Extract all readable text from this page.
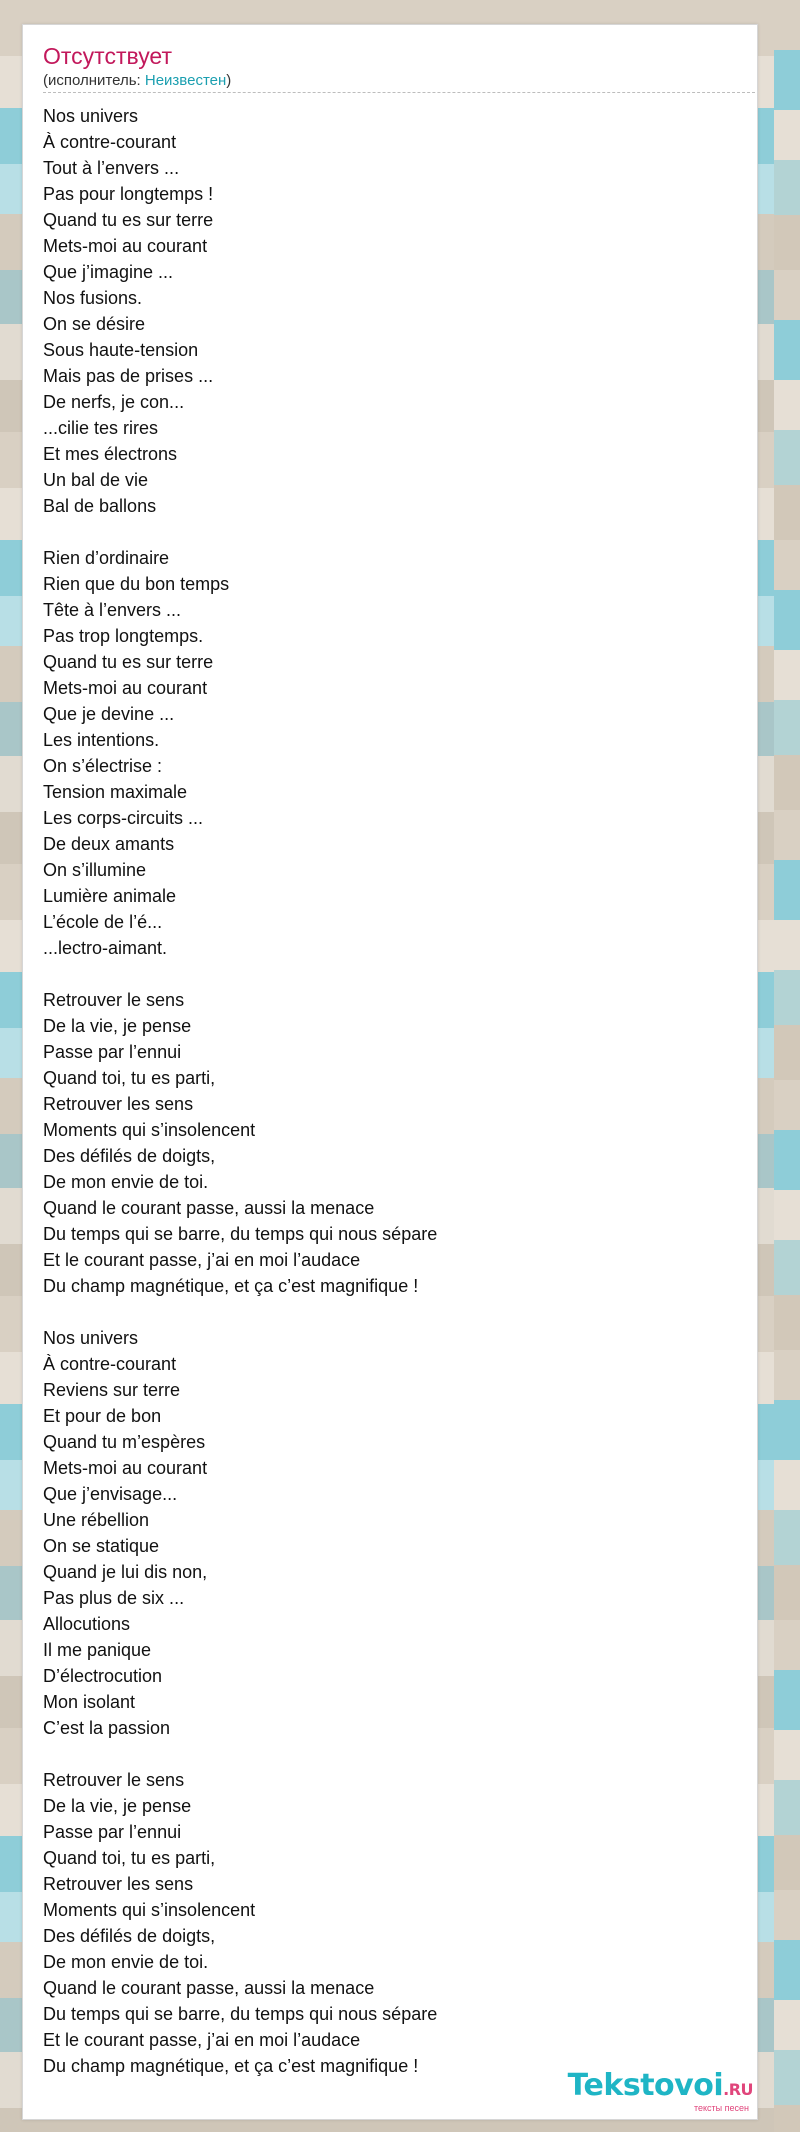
Отсутствует
(исполнитель: Неизвестен)
Nos univers
À contre-courant
Tout à l’envers ...
Pas pour longtemps !
Quand tu es sur terre
Mets-moi au courant
Que j’imagine ...
Nos fusions.
On se désire
Sous haute-tension
Mais pas de prises ...
De nerfs, je con...
...cilie tes rires
Et mes électrons
Un bal de vie
Bal de ballons
Rien d’ordinaire
Rien que du bon temps
Tête à l’envers ...
Pas trop longtemps.
Quand tu es sur terre
Mets-moi au courant
Que je devine ...
Les intentions.
On s’électrise :
Tension maximale
Les corps-circuits ...
De deux amants
On s’illumine
Lumière animale
L’école de l’é...
...lectro-aimant.
Retrouver le sens
De la vie, je pense
Passe par l’ennui
Quand toi, tu es parti,
Retrouver les sens
Moments qui s’insolencent
Des défilés de doigts,
De mon envie de toi.
Quand le courant passe, aussi la menace
Du temps qui se barre, du temps qui nous sépare
Et le courant passe, j’ai en moi l’audace
Du champ magnétique, et ça c’est magnifique !
Nos univers
À contre-courant
Reviens sur terre
Et pour de bon
Quand tu m’espères
Mets-moi au courant
Que j’envisage...
Une rébellion
On se statique
Quand je lui dis non,
Pas plus de six ...
Allocutions
Il me panique
D’électrocution
Mon isolant
C’est la passion
Retrouver le sens
De la vie, je pense
Passe par l’ennui
Quand toi, tu es parti,
Retrouver les sens
Moments qui s’insolencent
Des défilés de doigts,
De mon envie de toi.
Quand le courant passe, aussi la menace
Du temps qui se barre, du temps qui nous sépare
Et le courant passe, j’ai en moi l’audace
Du champ magnétique, et ça c’est magnifique !
Tekstovoi.RU
тексты песен
